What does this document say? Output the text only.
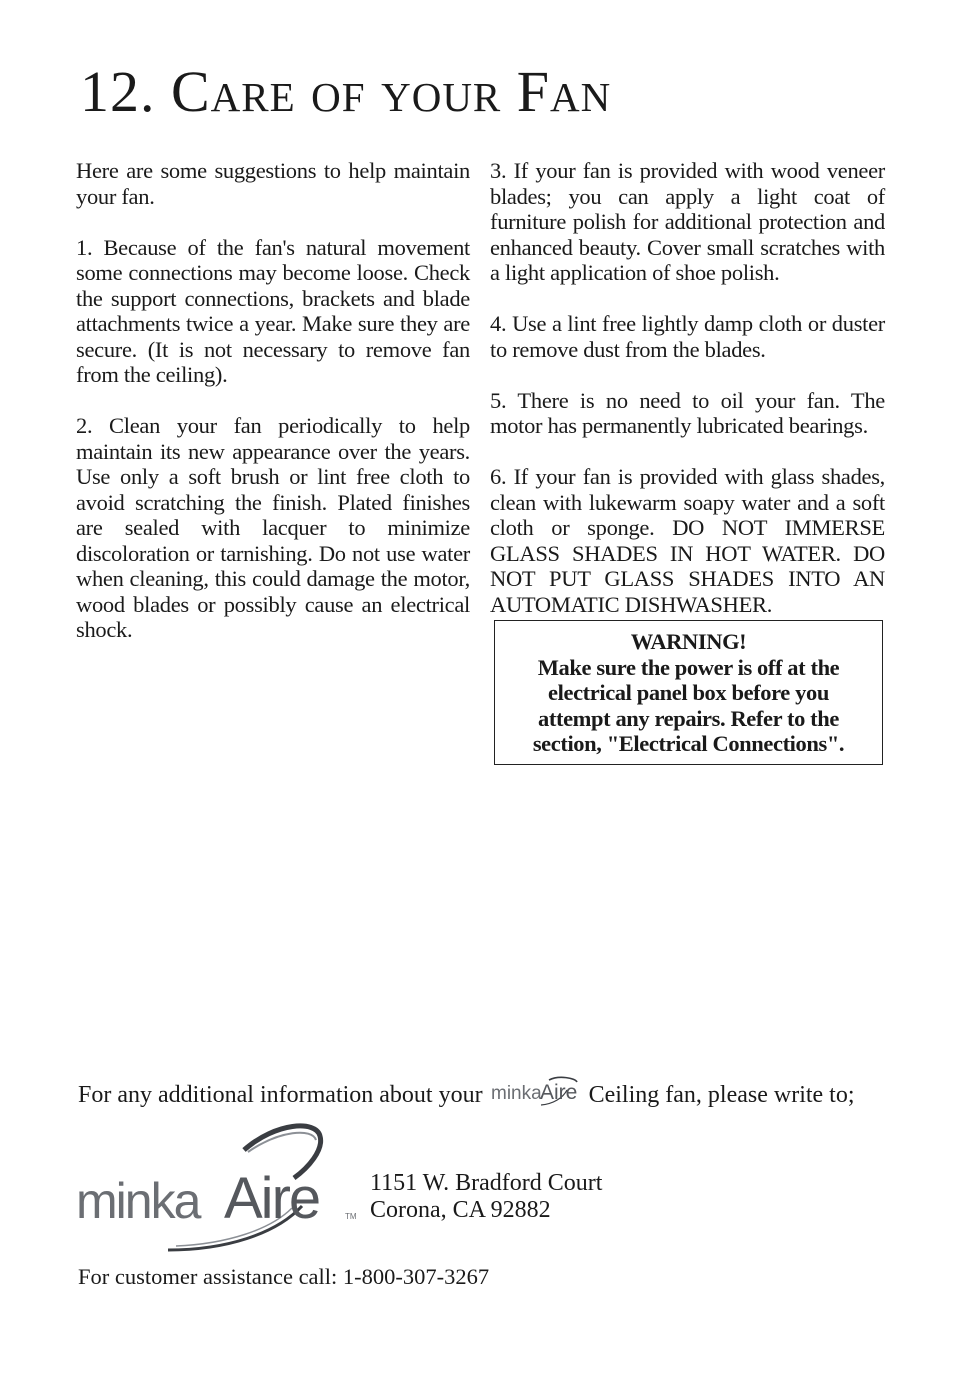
12. Care of your Fan

Here are some suggestions to help maintain your fan.

1. Because of the fan's natural movement some connections may become loose. Check the support connections, brackets and blade attachments twice a year. Make sure they are secure. (It is not necessary to remove fan from the ceiling).

2. Clean your fan periodically to help maintain its new appearance over the years. Use only a soft brush or lint free cloth to avoid scratching the finish. Plated finishes are sealed with lacquer to minimize discoloration or tarnishing. Do not use water when cleaning, this could damage the motor, wood blades or possibly cause an electrical shock.

3. If your fan is provided with wood veneer blades; you can apply a light coat of furniture polish for additional protection and enhanced beauty. Cover small scratches with a light application of shoe polish.

4. Use a lint free lightly damp cloth or duster to remove dust from the blades.

5. There is no need to oil your fan. The motor has permanently lubricated bearings.

6. If your fan is provided with glass shades, clean with lukewarm soapy water and a soft cloth or sponge. DO NOT IMMERSE GLASS SHADES IN HOT WATER. DO NOT PUT GLASS SHADES INTO AN AUTOMATIC DISHWASHER.

WARNING!
Make sure the power is off at the
electrical panel box before you
attempt any repairs. Refer to the
section, "Electrical Connections".
For any additional information about your minka
Aire Ceiling fan, please write to;
minka Aire	TM
1151 W. Bradford Court
Corona, CA 92882
For customer assistance call: 1-800-307-3267
